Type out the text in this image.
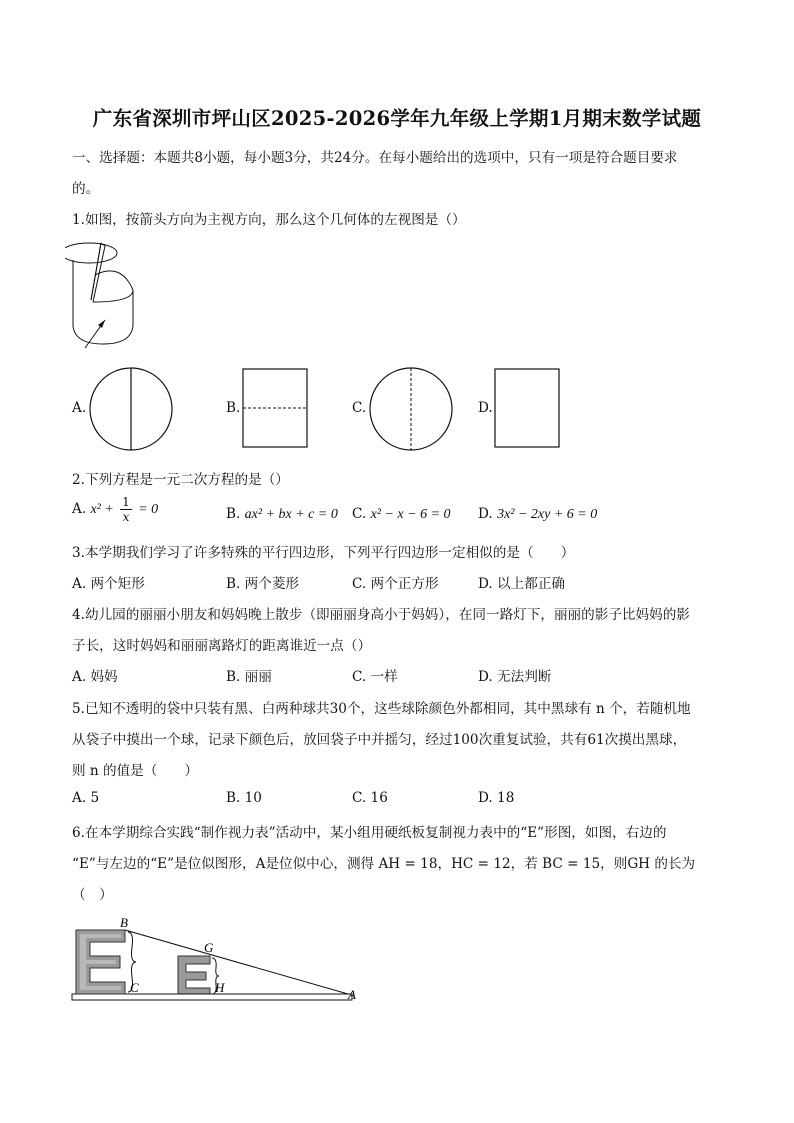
广东省深圳市坪山区2025-2026学年九年级上学期1月期末数学试题
一、选择题：本题共8小题，每小题3分，共24分。在每小题给出的选项中，只有一项是符合题目要求
的。
1.如图，按箭头方向为主视方向，那么这个几何体的左视图是（）
A.	B.	C.	D.
2.下列方程是一元二次方程的是（）
A. $x^2 + \frac{1}{x} = 0$	B. ax² + bx + c = 0 C. x² − x − 6 = 0 D. 3x² − 2xy + 6 = 0
3.本学期我们学习了许多特殊的平行四边形，下列平行四边形一定相似的是（　　）
A. 两个矩形	B. 两个菱形	C. 两个正方形	D. 以上都正确
4.幼儿园的丽丽小朋友和妈妈晚上散步（即丽丽身高小于妈妈），在同一路灯下，丽丽的影子比妈妈的影
子长，这时妈妈和丽丽离路灯的距离谁近一点（）
A. 妈妈	B. 丽丽	C. 一样	D. 无法判断
5.已知不透明的袋中只装有黑、白两种球共30个，这些球除颜色外都相同，其中黑球有 n 个，若随机地
从袋子中摸出一个球，记录下颜色后，放回袋子中并摇匀，经过100次重复试验，共有61次摸出黑球，
则 n 的值是（　　）
A. 5	B. 10	C. 16	D. 18
6.在本学期综合实践“制作视力表”活动中，某小组用硬纸板复制视力表中的“E”形图，如图，右边的
“E”与左边的“E”是位似图形，A是位似中心，测得 AH = 18，HC = 12，若 BC = 15，则GH 的长为
（　）
B
G
C	H	A
